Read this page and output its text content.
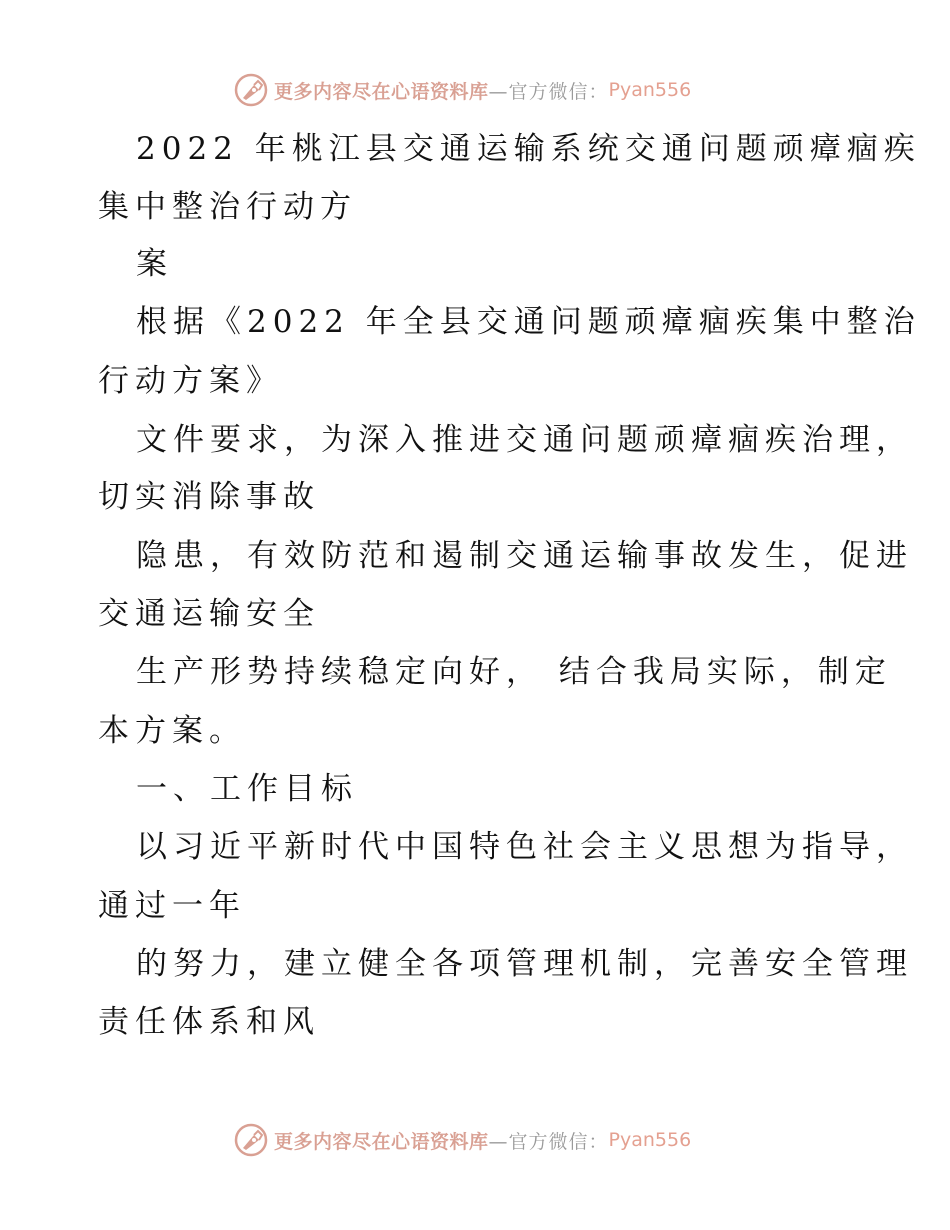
更多内容尽在心语资料库 —官方微信： Pyan556
2022 年桃江县交通运输系统交通问题顽瘴痼疾
集中整治行动方
案
根据《2022 年全县交通问题顽瘴痼疾集中整治
行动方案》
文件要求，为深入推进交通问题顽瘴痼疾治理，
切实消除事故
隐患，有效防范和遏制交通运输事故发生，促进
交通运输安全
生产形势持续稳定向好， 结合我局实际，制定
本方案。
一、工作目标
以习近平新时代中国特色社会主义思想为指导，
通过一年
的努力，建立健全各项管理机制，完善安全管理
责任体系和风
更多内容尽在心语资料库 —官方微信： Pyan556
